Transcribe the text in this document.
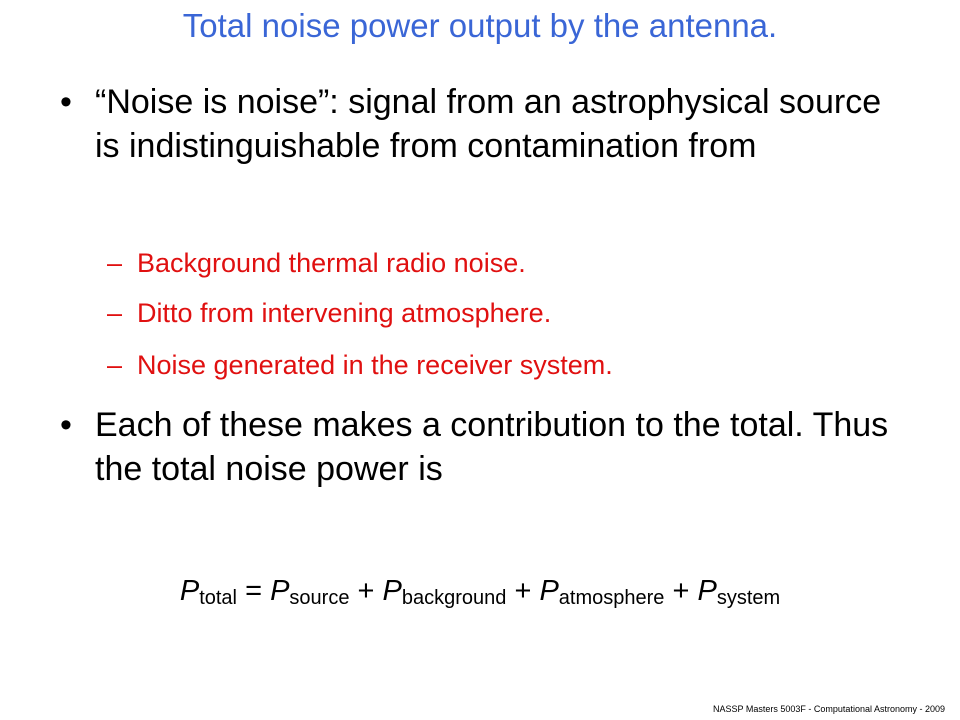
Total noise power output by the antenna.
• “Noise is noise”: signal from an astrophysical source is indistinguishable from contamination from
– Background thermal radio noise.
– Ditto from intervening atmosphere.
– Noise generated in the receiver system.
• Each of these makes a contribution to the total. Thus the total noise power is
$P_{total} = P_{source} + P_{background} + P_{atmosphere} + P_{system}$
NASSP Masters 5003F - Computational Astronomy - 2009
